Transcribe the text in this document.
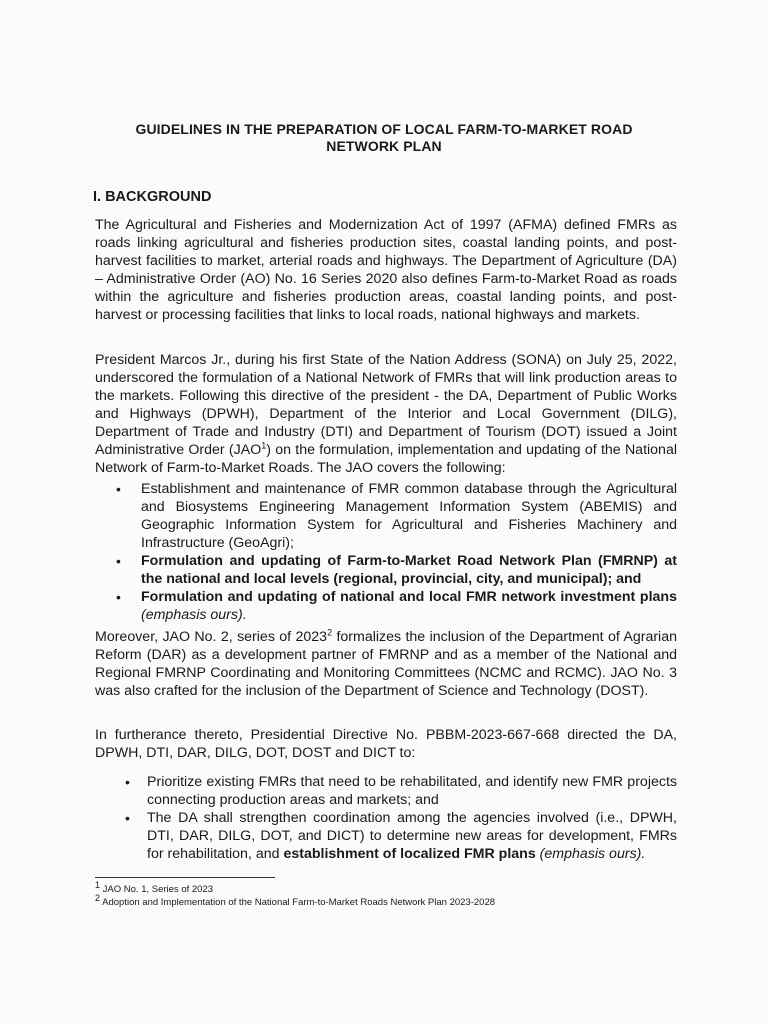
GUIDELINES IN THE PREPARATION OF LOCAL FARM-TO-MARKET ROAD
NETWORK PLAN
I. BACKGROUND

The Agricultural and Fisheries and Modernization Act of 1997 (AFMA) defined FMRs as roads linking agricultural and fisheries production sites, coastal landing points, and post-harvest facilities to market, arterial roads and highways. The Department of Agriculture (DA) – Administrative Order (AO) No. 16 Series 2020 also defines Farm-to-Market Road as roads within the agriculture and fisheries production areas, coastal landing points, and post-harvest or processing facilities that links to local roads, national highways and markets.

President Marcos Jr., during his first State of the Nation Address (SONA) on July 25, 2022, underscored the formulation of a National Network of FMRs that will link production areas to the markets. Following this directive of the president - the DA, Department of Public Works and Highways (DPWH), Department of the Interior and Local Government (DILG), Department of Trade and Industry (DTI) and Department of Tourism (DOT) issued a Joint Administrative Order (JAO$^1$) on the formulation, implementation and updating of the National Network of Farm-to-Market Roads. The JAO covers the following:

• Establishment and maintenance of FMR common database through the Agricultural and Biosystems Engineering Management Information System (ABEMIS) and Geographic Information System for Agricultural and Fisheries Machinery and Infrastructure (GeoAgri);
• Formulation and updating of Farm-to-Market Road Network Plan (FMRNP) at the national and local levels (regional, provincial, city, and municipal); and
• Formulation and updating of national and local FMR network investment plans (emphasis ours).

Moreover, JAO No. 2, series of 2023$^2$ formalizes the inclusion of the Department of Agrarian Reform (DAR) as a development partner of FMRNP and as a member of the National and Regional FMRNP Coordinating and Monitoring Committees (NCMC and RCMC). JAO No. 3 was also crafted for the inclusion of the Department of Science and Technology (DOST).

In furtherance thereto, Presidential Directive No. PBBM-2023-667-668 directed the DA, DPWH, DTI, DAR, DILG, DOT, DOST and DICT to:

• Prioritize existing FMRs that need to be rehabilitated, and identify new FMR projects connecting production areas and markets; and
• The DA shall strengthen coordination among the agencies involved (i.e., DPWH, DTI, DAR, DILG, DOT, and DICT) to determine new areas for development, FMRs for rehabilitation, and establishment of localized FMR plans (emphasis ours).
$^1$ JAO No. 1, Series of 2023
$^2$ Adoption and Implementation of the National Farm-to-Market Roads Network Plan 2023-2028
